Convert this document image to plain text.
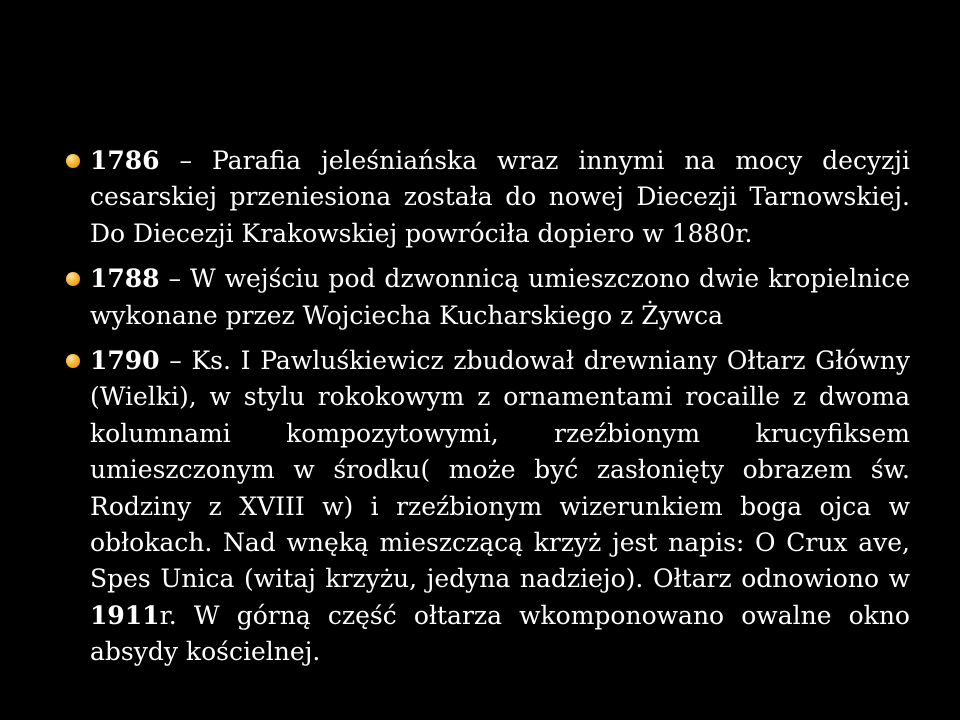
1786 – Parafia jeleśniańska wraz innymi na mocy decyzji cesarskiej przeniesiona została do nowej Diecezji Tarnowskiej. Do Diecezji Krakowskiej powróciła dopiero w 1880r.
1788 – W wejściu pod dzwonnicą umieszczono dwie kropielnice wykonane przez Wojciecha Kucharskiego z Żywca
1790 – Ks. I Pawluśkiewicz zbudował drewniany Ołtarz Główny (Wielki), w stylu rokokowym z ornamentami rocaille z dwoma kolumnami kompozytowymi, rzeźbionym krucyfiksem umieszczonym w środku( może być zasłonięty obrazem św. Rodziny z XVIII w) i rzeźbionym wizerunkiem boga ojca w obłokach. Nad wnęką mieszczącą krzyż jest napis: O Crux ave, Spes Unica (witaj krzyżu, jedyna nadziejo). Ołtarz odnowiono w 1911r. W górną część ołtarza wkomponowano owalne okno absydy kościelnej.
